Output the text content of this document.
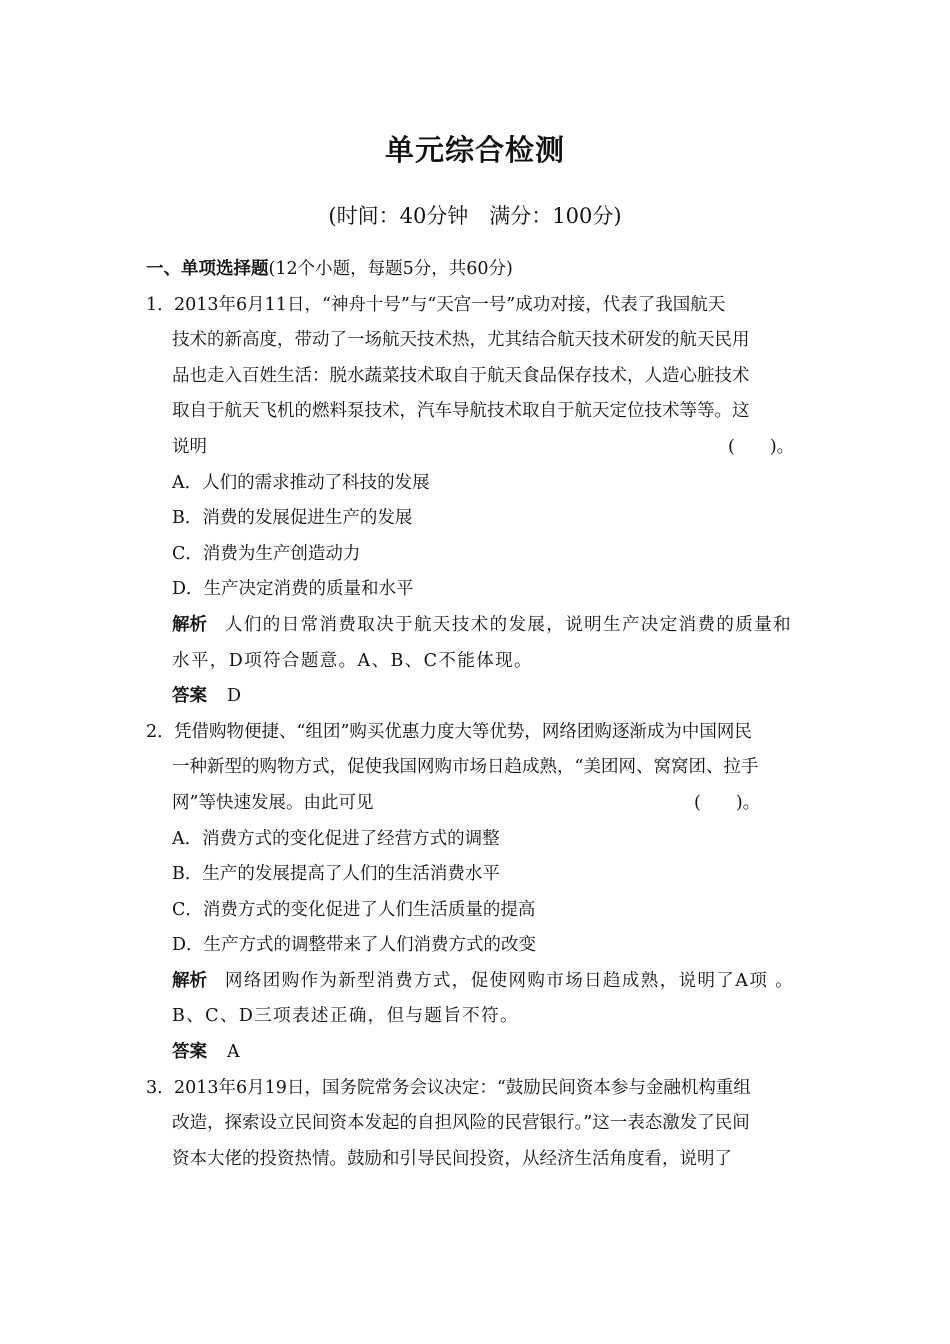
单元综合检测
(时间：40分钟　满分：100分)
一、单项选择题(12个小题，每题5分，共60分)
1．2013年6月11日，“神舟十号”与“天宫一号”成功对接，代表了我国航天
技术的新高度，带动了一场航天技术热，尤其结合航天技术研发的航天民用
品也走入百姓生活：脱水蔬菜技术取自于航天食品保存技术，人造心脏技术
取自于航天飞机的燃料泵技术，汽车导航技术取自于航天定位技术等等。这
说明	(　　)。
A．人们的需求推动了科技的发展
B．消费的发展促进生产的发展
C．消费为生产创造动力
D．生产决定消费的质量和水平
解析 人们的日常消费取决于航天技术的发展，说明生产决定消费的质量和
水平，D项符合题意。A、B、C不能体现。
答案 D
2．凭借购物便捷、“组团”购买优惠力度大等优势，网络团购逐渐成为中国网民
一种新型的购物方式，促使我国网购市场日趋成熟，“美团网、窝窝团、拉手
网”等快速发展。由此可见	(　　)。
A．消费方式的变化促进了经营方式的调整
B．生产的发展提高了人们的生活消费水平
C．消费方式的变化促进了人们生活质量的提高
D．生产方式的调整带来了人们消费方式的改变
解析 网络团购作为新型消费方式，促使网购市场日趋成熟，说明了A项 。
B、C、D三项表述正确，但与题旨不符。
答案 A
3．2013年6月19日，国务院常务会议决定：“鼓励民间资本参与金融机构重组
改造，探索设立民间资本发起的自担风险的民营银行。”这一表态激发了民间
资本大佬的投资热情。鼓励和引导民间投资，从经济生活角度看，说明了
